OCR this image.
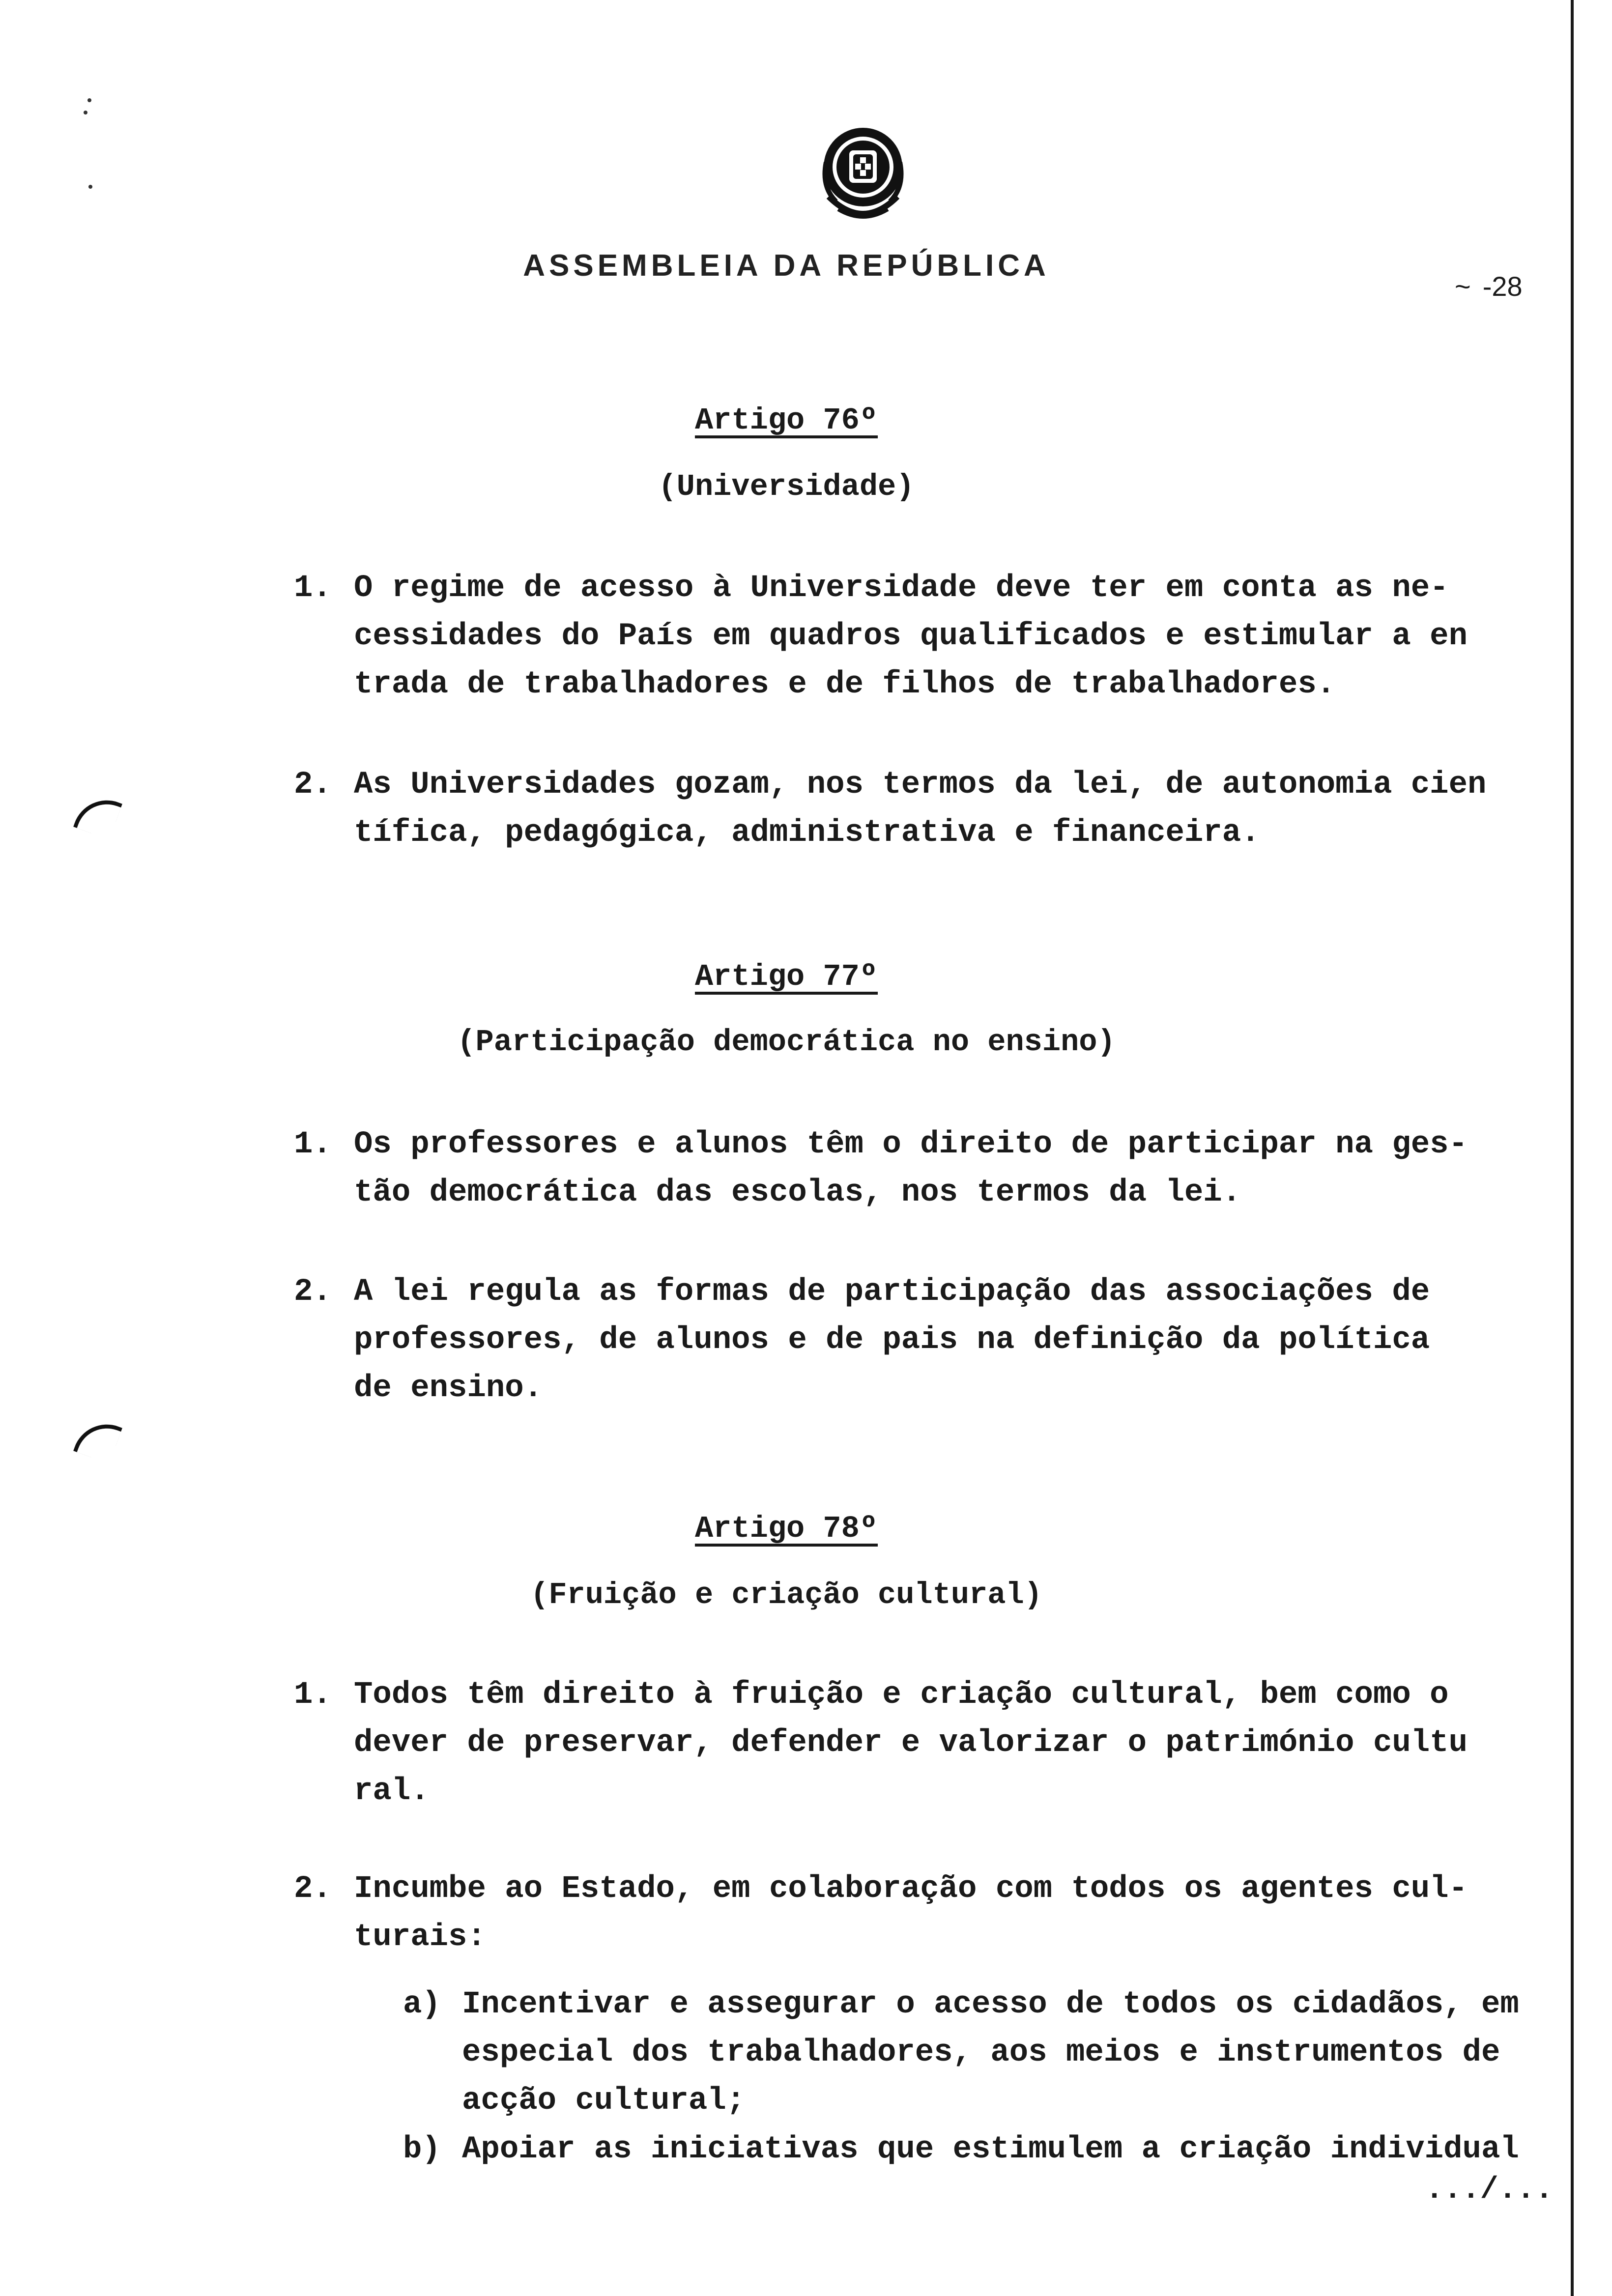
ASSEMBLEIA DA REPÚBLICA
~ -28
Artigo 76º
(Universidade)
1. O regime de acesso à Universidade deve ter em conta as ne-

cessidades do País em quadros qualificados e estimular a en

trada de trabalhadores e de filhos de trabalhadores.

2. As Universidades gozam, nos termos da lei, de autonomia cien

tífica, pedagógica, administrativa e financeira.

Artigo 77º
(Participação democrática no ensino)
1. Os professores e alunos têm o direito de participar na ges-

tão democrática das escolas, nos termos da lei.

2. A lei regula as formas de participação das associações de

professores, de alunos e de pais na definição da política

de ensino.

Artigo 78º
(Fruição e criação cultural)
1. Todos têm direito à fruição e criação cultural, bem como o

dever de preservar, defender e valorizar o património cultu

ral.

2. Incumbe ao Estado, em colaboração com todos os agentes cul-

turais:

a) Incentivar e assegurar o acesso de todos os cidadãos, em

especial dos trabalhadores, aos meios e instrumentos de

acção cultural;

b) Apoiar as iniciativas que estimulem a criação individual

.../...
